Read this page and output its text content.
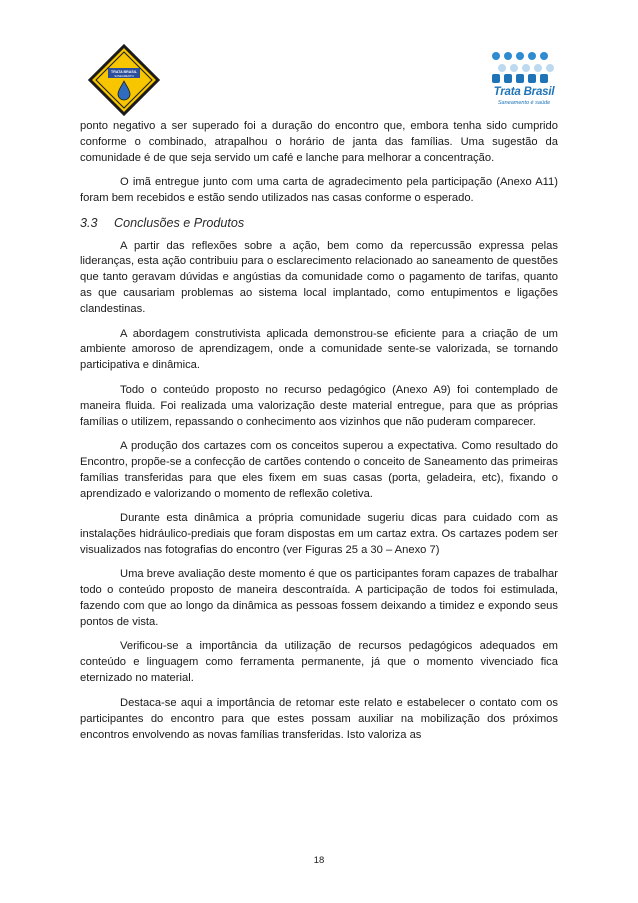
TRATA BRASIL
SANEAMENTO
Trata Brasil
Saneamento é saúde

ponto negativo a ser superado foi a duração do encontro que, embora tenha sido cumprido conforme o combinado, atrapalhou o horário de janta das famílias. Uma sugestão da comunidade é de que seja servido um café e lanche para melhorar a concentração.

O imã entregue junto com uma carta de agradecimento pela participação (Anexo A11) foram bem recebidos e estão sendo utilizados nas casas conforme o esperado.

3.3 Conclusões e Produtos

A partir das reflexões sobre a ação, bem como da repercussão expressa pelas lideranças, esta ação contribuiu para o esclarecimento relacionado ao saneamento de questões que tanto geravam dúvidas e angústias da comunidade como o pagamento de tarifas, quanto as que causariam problemas ao sistema local implantado, como entupimentos e ligações clandestinas.

A abordagem construtivista aplicada demonstrou-se eficiente para a criação de um ambiente amoroso de aprendizagem, onde a comunidade sente-se valorizada, se tornando participativa e dinâmica.

Todo o conteúdo proposto no recurso pedagógico (Anexo A9) foi contemplado de maneira fluida. Foi realizada uma valorização deste material entregue, para que as próprias famílias o utilizem, repassando o conhecimento aos vizinhos que não puderam comparecer.

A produção dos cartazes com os conceitos superou a expectativa. Como resultado do Encontro, propõe-se a confecção de cartões contendo o conceito de Saneamento das primeiras famílias transferidas para que eles fixem em suas casas (porta, geladeira, etc), fixando o aprendizado e valorizando o momento de reflexão coletiva.

Durante esta dinâmica a própria comunidade sugeriu dicas para cuidado com as instalações hidráulico-prediais que foram dispostas em um cartaz extra. Os cartazes podem ser visualizados nas fotografias do encontro (ver Figuras 25 a 30 – Anexo 7)

Uma breve avaliação deste momento é que os participantes foram capazes de trabalhar todo o conteúdo proposto de maneira descontraída. A participação de todos foi estimulada, fazendo com que ao longo da dinâmica as pessoas fossem deixando a timidez e expondo seus pontos de vista.

Verificou-se a importância da utilização de recursos pedagógicos adequados em conteúdo e linguagem como ferramenta permanente, já que o momento vivenciado fica eternizado no material.

Destaca-se aqui a importância de retomar este relato e estabelecer o contato com os participantes do encontro para que estes possam auxiliar na mobilização dos próximos encontros envolvendo as novas famílias transferidas. Isto valoriza as

18
